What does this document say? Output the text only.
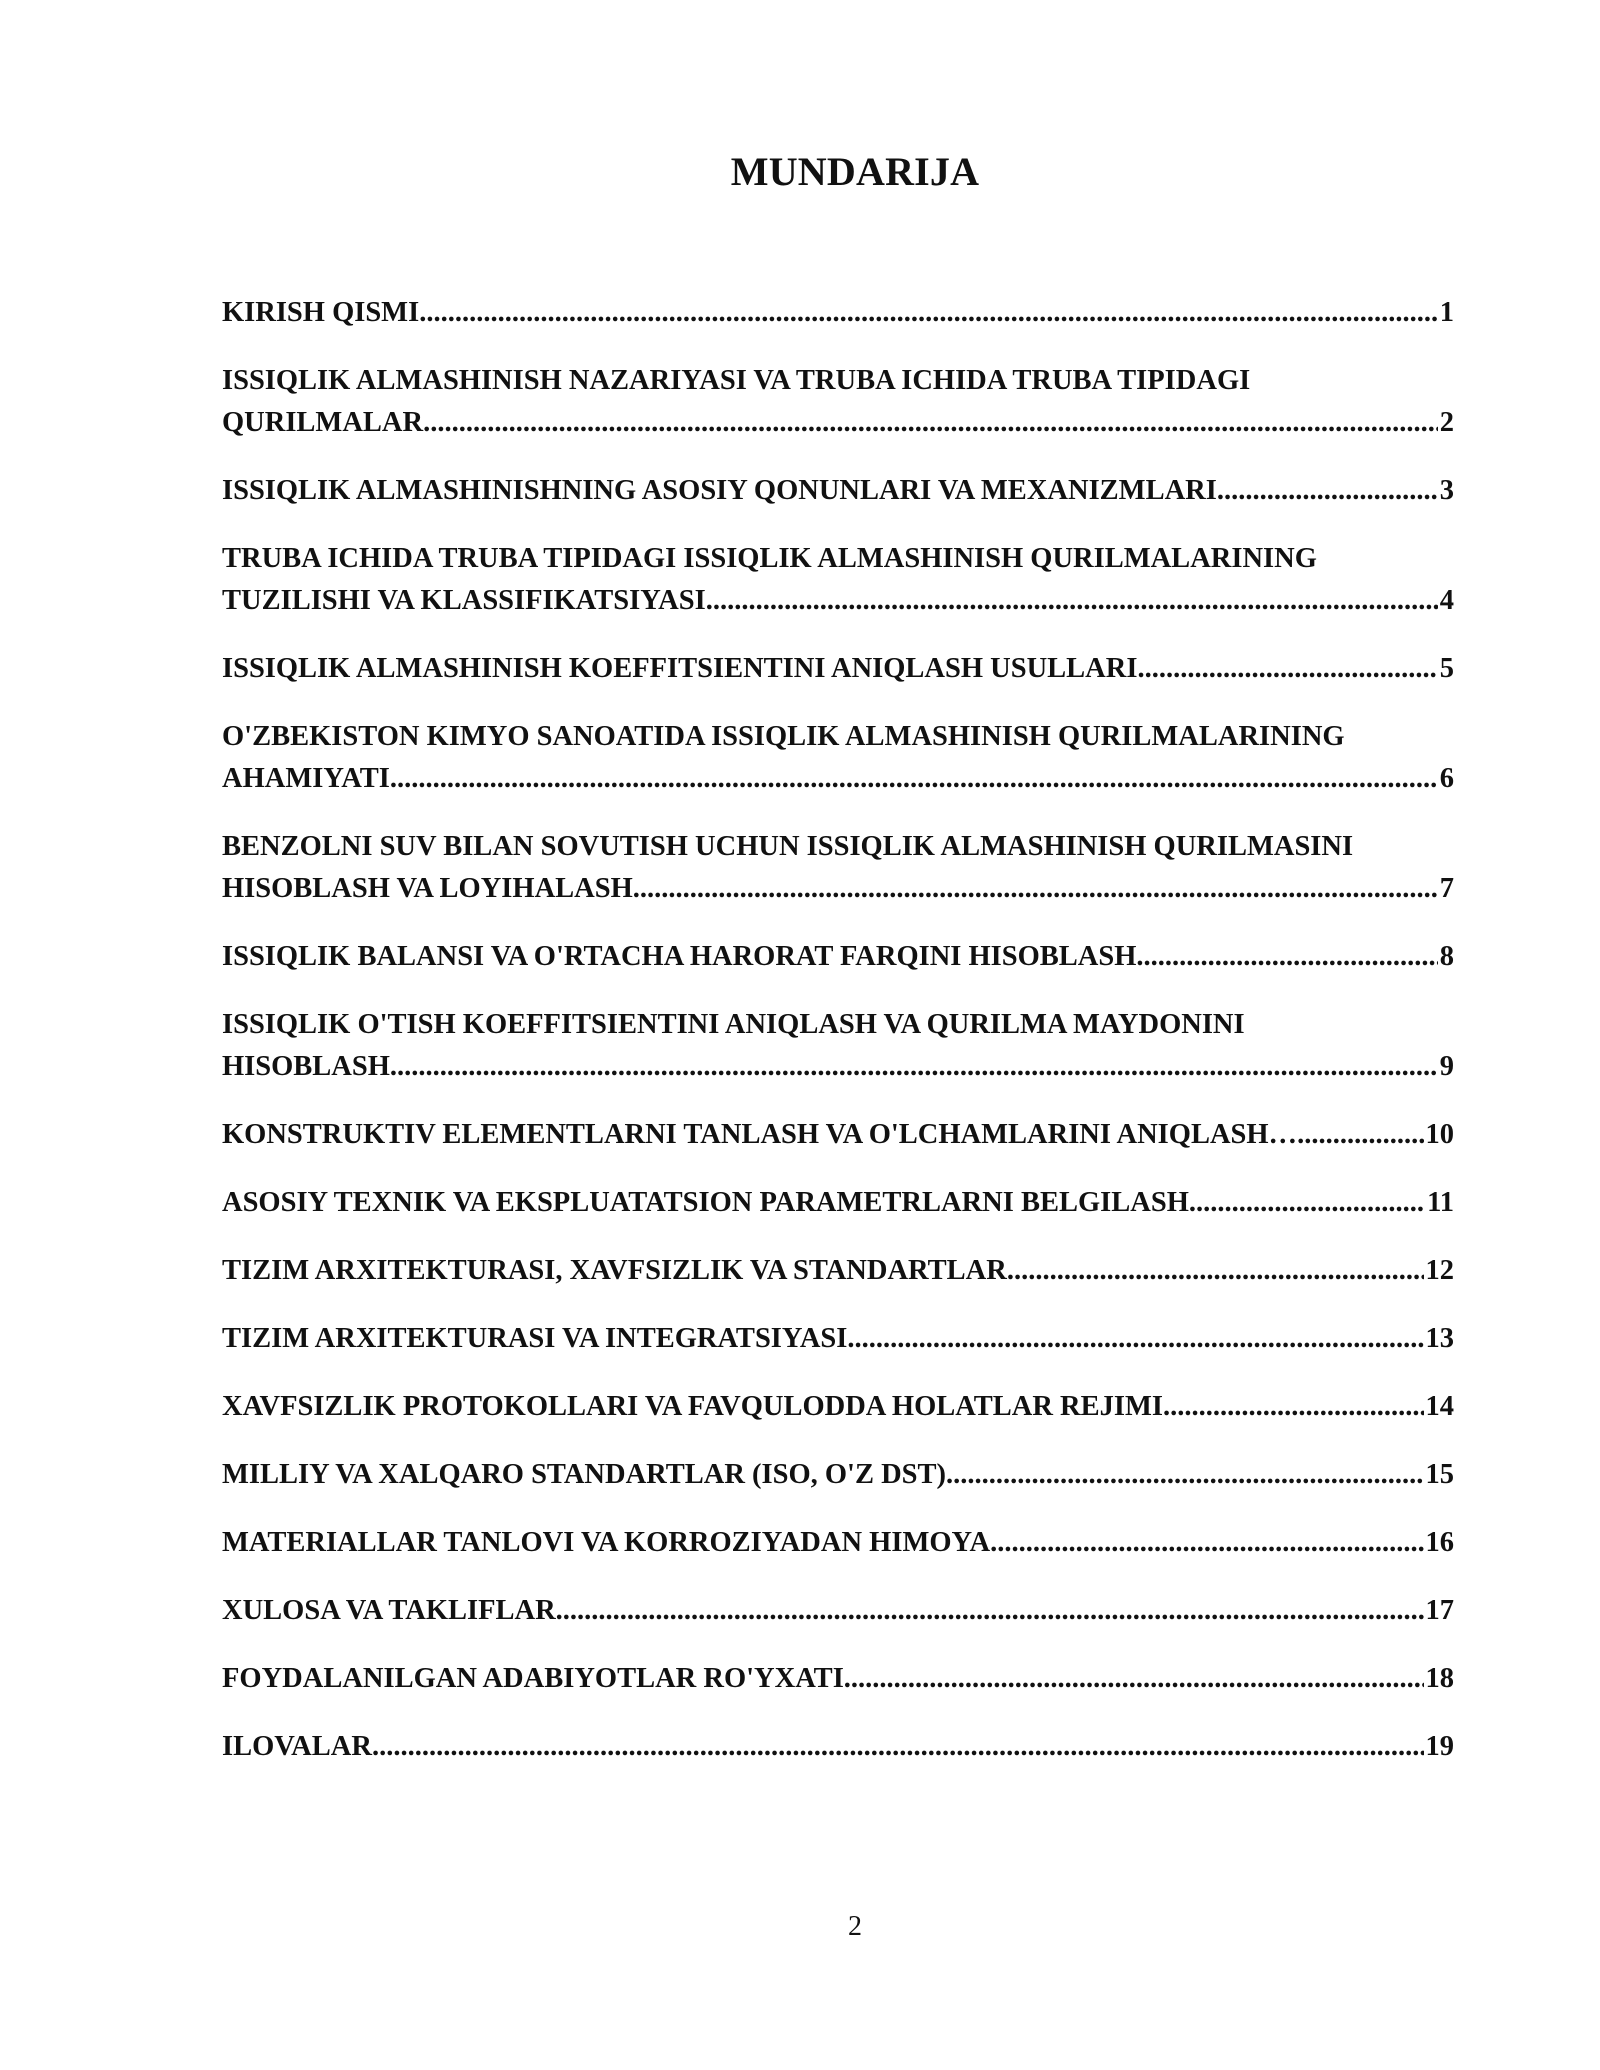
MUNDARIJA
KIRISH QISMI .....	1
ISSIQLIK ALMASHINISH NAZARIYASI VA TRUBA ICHIDA TRUBA TIPIDAGI
QURILMALAR .....	2
ISSIQLIK ALMASHINISHNING ASOSIY QONUNLARI VA MEXANIZMLARI .....	3
TRUBA ICHIDA TRUBA TIPIDAGI ISSIQLIK ALMASHINISH QURILMALARINING
TUZILISHI VA KLASSIFIKATSIYASI .....	4
ISSIQLIK ALMASHINISH KOEFFITSIENTINI ANIQLASH USULLARI .....	5
O'ZBEKISTON KIMYO SANOATIDA ISSIQLIK ALMASHINISH QURILMALARINING
AHAMIYATI .....	6
BENZOLNI SUV BILAN SOVUTISH UCHUN ISSIQLIK ALMASHINISH QURILMASINI
HISOBLASH VA LOYIHALASH .....	7
ISSIQLIK BALANSI VA O'RTACHA HARORAT FARQINI HISOBLASH .....	8
ISSIQLIK O'TISH KOEFFITSIENTINI ANIQLASH VA QURILMA MAYDONINI
HISOBLASH .....	9
KONSTRUKTIV ELEMENTLARNI TANLASH VA O'LCHAMLARINI ANIQLASH… .....	10
ASOSIY TEXNIK VA EKSPLUATATSION PARAMETRLARNI BELGILASH .....	11
TIZIM ARXITEKTURASI, XAVFSIZLIK VA STANDARTLAR .....	12
TIZIM ARXITEKTURASI VA INTEGRATSIYASI .....	13
XAVFSIZLIK PROTOKOLLARI VA FAVQULODDA HOLATLAR REJIMI .....	14
MILLIY VA XALQARO STANDARTLAR (ISO, O'Z DST) .....	15
MATERIALLAR TANLOVI VA KORROZIYADAN HIMOYA .....	16
XULOSA VA TAKLIFLAR .....	17
FOYDALANILGAN ADABIYOTLAR RO'YXATI .....	18
ILOVALAR .....	19
2
